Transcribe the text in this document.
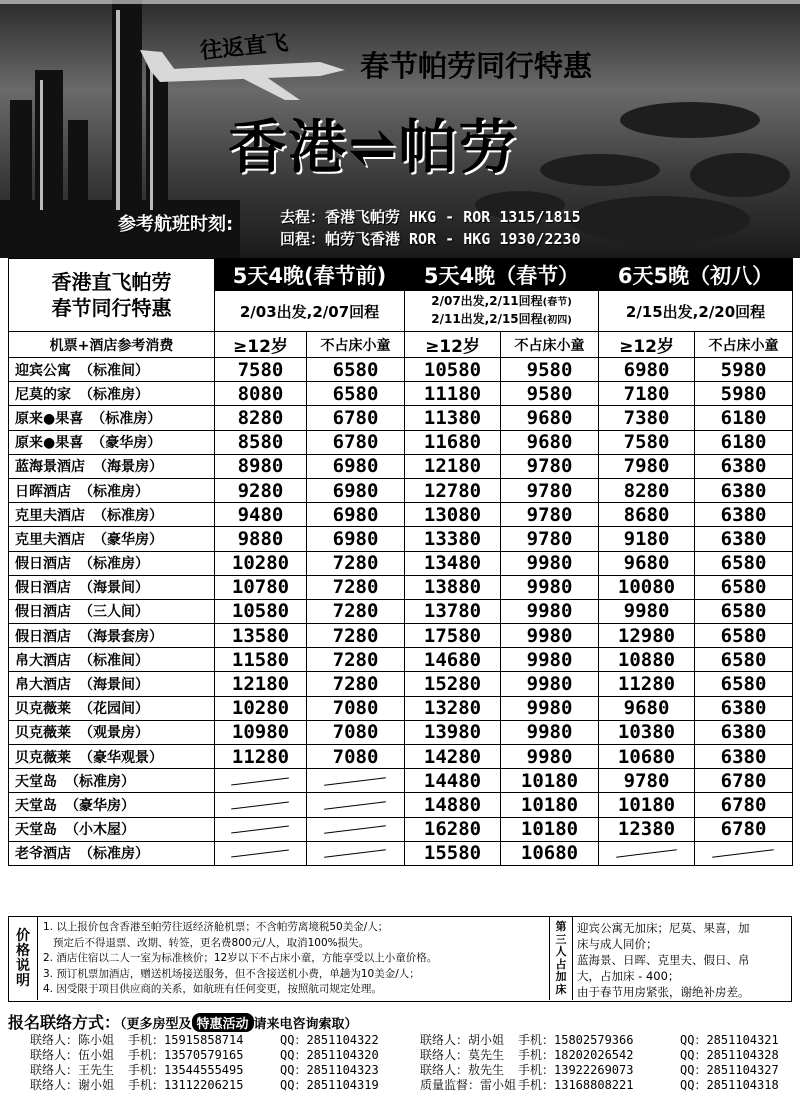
往返直飞
春节帕劳同行特惠
香港⇌帕劳
参考航班时刻:	去程：香港飞帕劳 HKG - ROR 1315/1815
回程：帕劳飞香港 ROR - HKG 1930/2230
香港直飞帕劳
春节同行特惠	5天4晚(春节前)		5天4晚（春节）		6天5晚（初八）	
	2/03出发,2/07回程		2/07出发,2/11回程(春节)
2/11出发,2/15回程(初四)		2/15出发,2/20回程	
机票+酒店参考消费	≥12岁	不占床小童	≥12岁	不占床小童	≥12岁	不占床小童
迎宾公寓 （标准间）	7580	6580	10580	9580	6980	5980
尼莫的家 （标准房）	8080	6580	11180	9580	7180	5980
原来●果喜 （标准房）	8280	6780	11380	9680	7380	6180
原来●果喜 （豪华房）	8580	6780	11680	9680	7580	6180
蓝海景酒店 （海景房）	8980	6980	12180	9780	7980	6380
日晖酒店 （标准房）	9280	6980	12780	9780	8280	6380
克里夫酒店 （标准房）	9480	6980	13080	9780	8680	6380
克里夫酒店 （豪华房）	9880	6980	13380	9780	9180	6380
假日酒店 （标准房）	10280	7280	13480	9980	9680	6580
假日酒店 （海景间）	10780	7280	13880	9980	10080	6580
假日酒店 （三人间）	10580	7280	13780	9980	9980	6580
假日酒店 （海景套房）	13580	7280	17580	9980	12980	6580
帛大酒店 （标准间）	11580	7280	14680	9980	10880	6580
帛大酒店 （海景间）	12180	7280	15280	9980	11280	6580
贝克薇莱 （花园间）	10280	7080	13280	9980	9680	6380
贝克薇莱 （观景房）	10980	7080	13980	9980	10380	6380
贝克薇莱 （豪华观景）	11280	7080	14280	9980	10680	6380
天堂岛 （标准房）			14480	10180	9780	6780
天堂岛 （豪华房）			14880	10180	10180	6780
天堂岛 （小木屋）			16280	10180	12380	6780
老爷酒店 （标准房）			15580	10680		
价
格
说
明
1. 以上报价包含香港至帕劳往返经济舱机票；不含帕劳离境税50美金/人；
预定后不得退票、改期、转签，更名费800元/人，取消100%损失。
2. 酒店住宿以二人一室为标准核价；12岁以下不占床小童，方能享受以上小童价格。
3. 预订机票加酒店，赠送机场接送服务，但不含接送机小费，单趟为10美金/人；
4. 因受限于项目供应商的关系，如航班有任何变更，按照航司规定处理。
第
三
人
占
加
床
迎宾公寓无加床；尼莫、果喜，加
床与成人同价；
蓝海景、日晖、克里夫、假日、帛
大，占加床 - 400；
由于春节用房紧张，谢绝补房差。
报名联络方式：（更多房型及 特惠活动 请来电咨询索取）
联络人：陈小姐 手机：15915858714	QQ：2851104322	联络人：胡小姐 手机：15802579366	QQ：2851104321
联络人：伍小姐 手机：13570579165	QQ：2851104320	联络人：莫先生 手机：18202026542	QQ：2851104328
联络人：王先生 手机：13544555495	QQ：2851104323	联络人：敖先生 手机：13922269073	QQ：2851104327
联络人：谢小姐 手机：13112206215	QQ：2851104319	质量监督：雷小姐 手机：13168808221	QQ：2851104318
